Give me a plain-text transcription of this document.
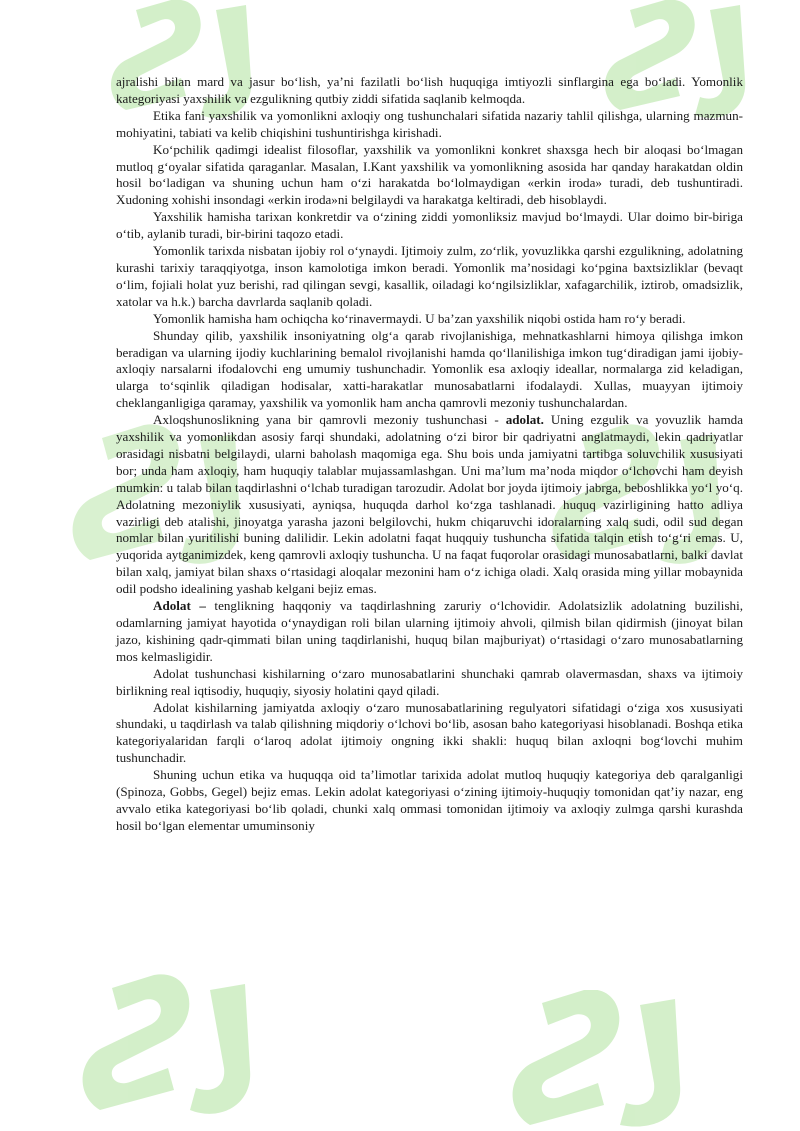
ajralishi bilan mard va jasur bo‘lish, ya’ni fazilatli bo‘lish huquqiga imtiyozli sinflargina ega bo‘ladi. Yomonlik kategoriyasi yaxshilik va ezgulikning qutbiy ziddi sifatida saqlanib kelmoqda.

Etika fani yaxshilik va yomonlikni axloqiy ong tushunchalari sifatida nazariy tahlil qilishga, ularning mazmun-mohiyatini, tabiati va kelib chiqishini tushuntirishga kirishadi.

Ko‘pchilik qadimgi idealist filosoflar, yaxshilik va yomonlikni konkret shaxsga hech bir aloqasi bo‘lmagan mutloq g‘oyalar sifatida qaraganlar. Masalan, I.Kant yaxshilik va yomonlikning asosida har qanday harakatdan oldin hosil bo‘ladigan va shuning uchun ham o‘zi harakatda bo‘lolmaydigan «erkin iroda» turadi, deb tushuntiradi. Xudoning xohishi insondagi «erkin iroda»ni belgilaydi va harakatga keltiradi, deb hisoblaydi.

Yaxshilik hamisha tarixan konkretdir va o‘zining ziddi yomonliksiz mavjud bo‘lmaydi. Ular doimo bir-biriga o‘tib, aylanib turadi, bir-birini taqozo etadi.

Yomonlik tarixda nisbatan ijobiy rol o‘ynaydi. Ijtimoiy zulm, zo‘rlik, yovuzlikka qarshi ezgulikning, adolatning kurashi tarixiy taraqqiyotga, inson kamolotiga imkon beradi. Yomonlik ma’nosidagi ko‘pgina baxtsizliklar (bevaqt o‘lim, fojiali holat yuz berishi, rad qilingan sevgi, kasallik, oiladagi ko‘ngilsizliklar, xafagarchilik, iztirob, omadsizlik, xatolar va h.k.) barcha davrlarda saqlanib qoladi.

Yomonlik hamisha ham ochiqcha ko‘rinavermaydi. U ba’zan yaxshilik niqobi ostida ham ro‘y beradi.

Shunday qilib, yaxshilik insoniyatning olg‘a qarab rivojlanishiga, mehnatkashlarni himoya qilishga imkon beradigan va ularning ijodiy kuchlarining bemalol rivojlanishi hamda qo‘llanilishiga imkon tug‘diradigan jami ijobiy-axloqiy narsalarni ifodalovchi eng umumiy tushunchadir. Yomonlik esa axloqiy ideallar, normalarga zid keladigan, ularga to‘sqinlik qiladigan hodisalar, xatti-harakatlar munosabatlarni ifodalaydi. Xullas, muayyan ijtimoiy cheklanganligiga qaramay, yaxshilik va yomonlik ham ancha qamrovli mezoniy tushunchalardan.

Axloqshunoslikning yana bir qamrovli mezoniy tushunchasi - adolat. Uning ezgulik va yovuzlik hamda yaxshilik va yomonlikdan asosiy farqi shundaki, adolatning o‘zi biror bir qadriyatni anglatmaydi, lekin qadriyatlar orasidagi nisbatni belgilaydi, ularni baholash maqomiga ega. Shu bois unda jamiyatni tartibga soluvchilik xususiyati bor; unda ham axloqiy, ham huquqiy talablar mujassamlashgan. Uni ma’lum ma’noda miqdor o‘lchovchi ham deyish mumkin: u talab bilan taqdirlashni o‘lchab turadigan tarozudir. Adolat bor joyda ijtimoiy jabrga, beboshlikka yo‘l yo‘q. Adolatning mezoniylik xususiyati, ayniqsa, huquqda darhol ko‘zga tashlanadi. huquq vazirligining hatto adliya vazirligi deb atalishi, jinoyatga yarasha jazoni belgilovchi, hukm chiqaruvchi idoralarning xalq sudi, odil sud degan nomlar bilan yuritilishi buning dalilidir. Lekin adolatni faqat huqquiy tushuncha sifatida talqin etish to‘g‘ri emas. U, yuqorida aytganimizdek, keng qamrovli axloqiy tushuncha. U na faqat fuqorolar orasidagi munosabatlarni, balki davlat bilan xalq, jamiyat bilan shaxs o‘rtasidagi aloqalar mezonini ham o‘z ichiga oladi. Xalq orasida ming yillar mobaynida odil podsho idealining yashab kelgani bejiz emas.

Adolat – tenglikning haqqoniy va taqdirlashning zaruriy o‘lchovidir. Adolatsizlik adolatning buzilishi, odamlarning jamiyat hayotida o‘ynaydigan roli bilan ularning ijtimoiy ahvoli, qilmish bilan qidirmish (jinoyat bilan jazo, kishining qadr-qimmati bilan uning taqdirlanishi, huquq bilan majburiyat) o‘rtasidagi o‘zaro munosabatlarning mos kelmasligidir.

Adolat tushunchasi kishilarning o‘zaro munosabatlarini shunchaki qamrab olavermasdan, shaxs va ijtimoiy birlikning real iqtisodiy, huquqiy, siyosiy holatini qayd qiladi.

Adolat kishilarning jamiyatda axloqiy o‘zaro munosabatlarining regulyatori sifatidagi o‘ziga xos xususiyati shundaki, u taqdirlash va talab qilishning miqdoriy o‘lchovi bo‘lib, asosan baho kategoriyasi hisoblanadi. Boshqa etika kategoriyalaridan farqli o‘laroq adolat ijtimoiy ongning ikki shakli: huquq bilan axloqni bog‘lovchi muhim tushunchadir.

Shuning uchun etika va huquqqa oid ta’limotlar tarixida adolat mutloq huquqiy kategoriya deb qaralganligi (Spinoza, Gobbs, Gegel) bejiz emas. Lekin adolat kategoriyasi o‘zining ijtimoiy-huquqiy tomonidan qat’iy nazar, eng avvalo etika kategoriyasi bo‘lib qoladi, chunki xalq ommasi tomonidan ijtimoiy va axloqiy zulmga qarshi kurashda hosil bo‘lgan elementar umuminsoniy
